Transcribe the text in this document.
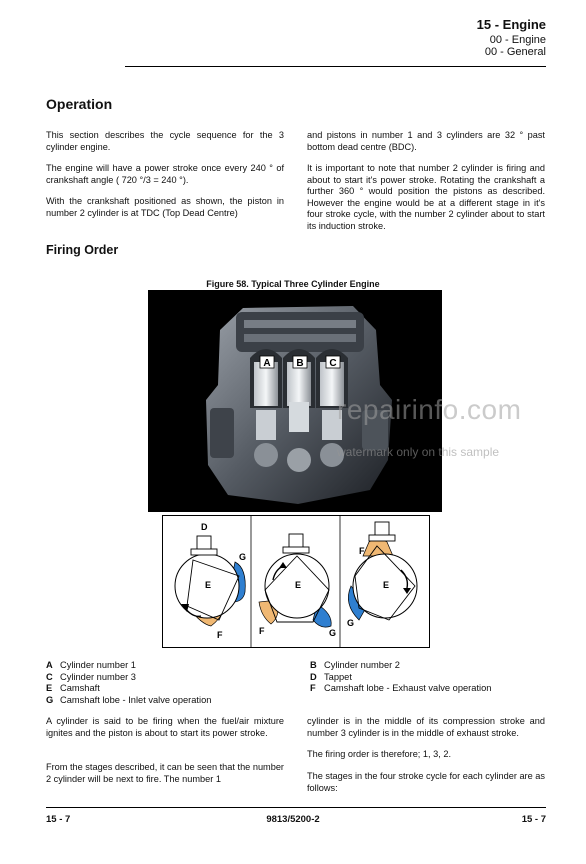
15 - Engine
00 - Engine
00 - General
Operation
This section describes the cycle sequence for the 3 cylinder engine.
The engine will have a power stroke once every 240 ° of crankshaft angle ( 720 °/3 = 240 °).
With the crankshaft positioned as shown, the piston in number 2 cylinder is at TDC (Top Dead Centre)
and pistons in number 1 and 3 cylinders are 32 ° past bottom dead centre (BDC).
It is important to note that number 2 cylinder is firing and about to start it's power stroke. Rotating the crankshaft a further 360 ° would position the pistons as described. However the engine would be at a different stage in it's four stroke cycle, with the number 2 cylinder about to start its induction stroke.
Firing Order
Figure 58. Typical Three Cylinder Engine
A	B	C
repairinfo.com
watermark only on this sample
D
E
G
F
E
F	G
E
F
G
A Cylinder number 1	B Cylinder number 2
C Cylinder number 3	D Tappet
E Camshaft	F Camshaft lobe - Exhaust valve operation
G Camshaft lobe - Inlet valve operation
A cylinder is said to be firing when the fuel/air mixture ignites and the piston is about to start its power stroke.
From the stages described, it can be seen that the number 2 cylinder will be next to fire. The number 1
cylinder is in the middle of its compression stroke and number 3 cylinder is in the middle of exhaust stroke.
The firing order is therefore; 1, 3, 2.
The stages in the four stroke cycle for each cylinder are as follows:
15 - 7	9813/5200-2	15 - 7
